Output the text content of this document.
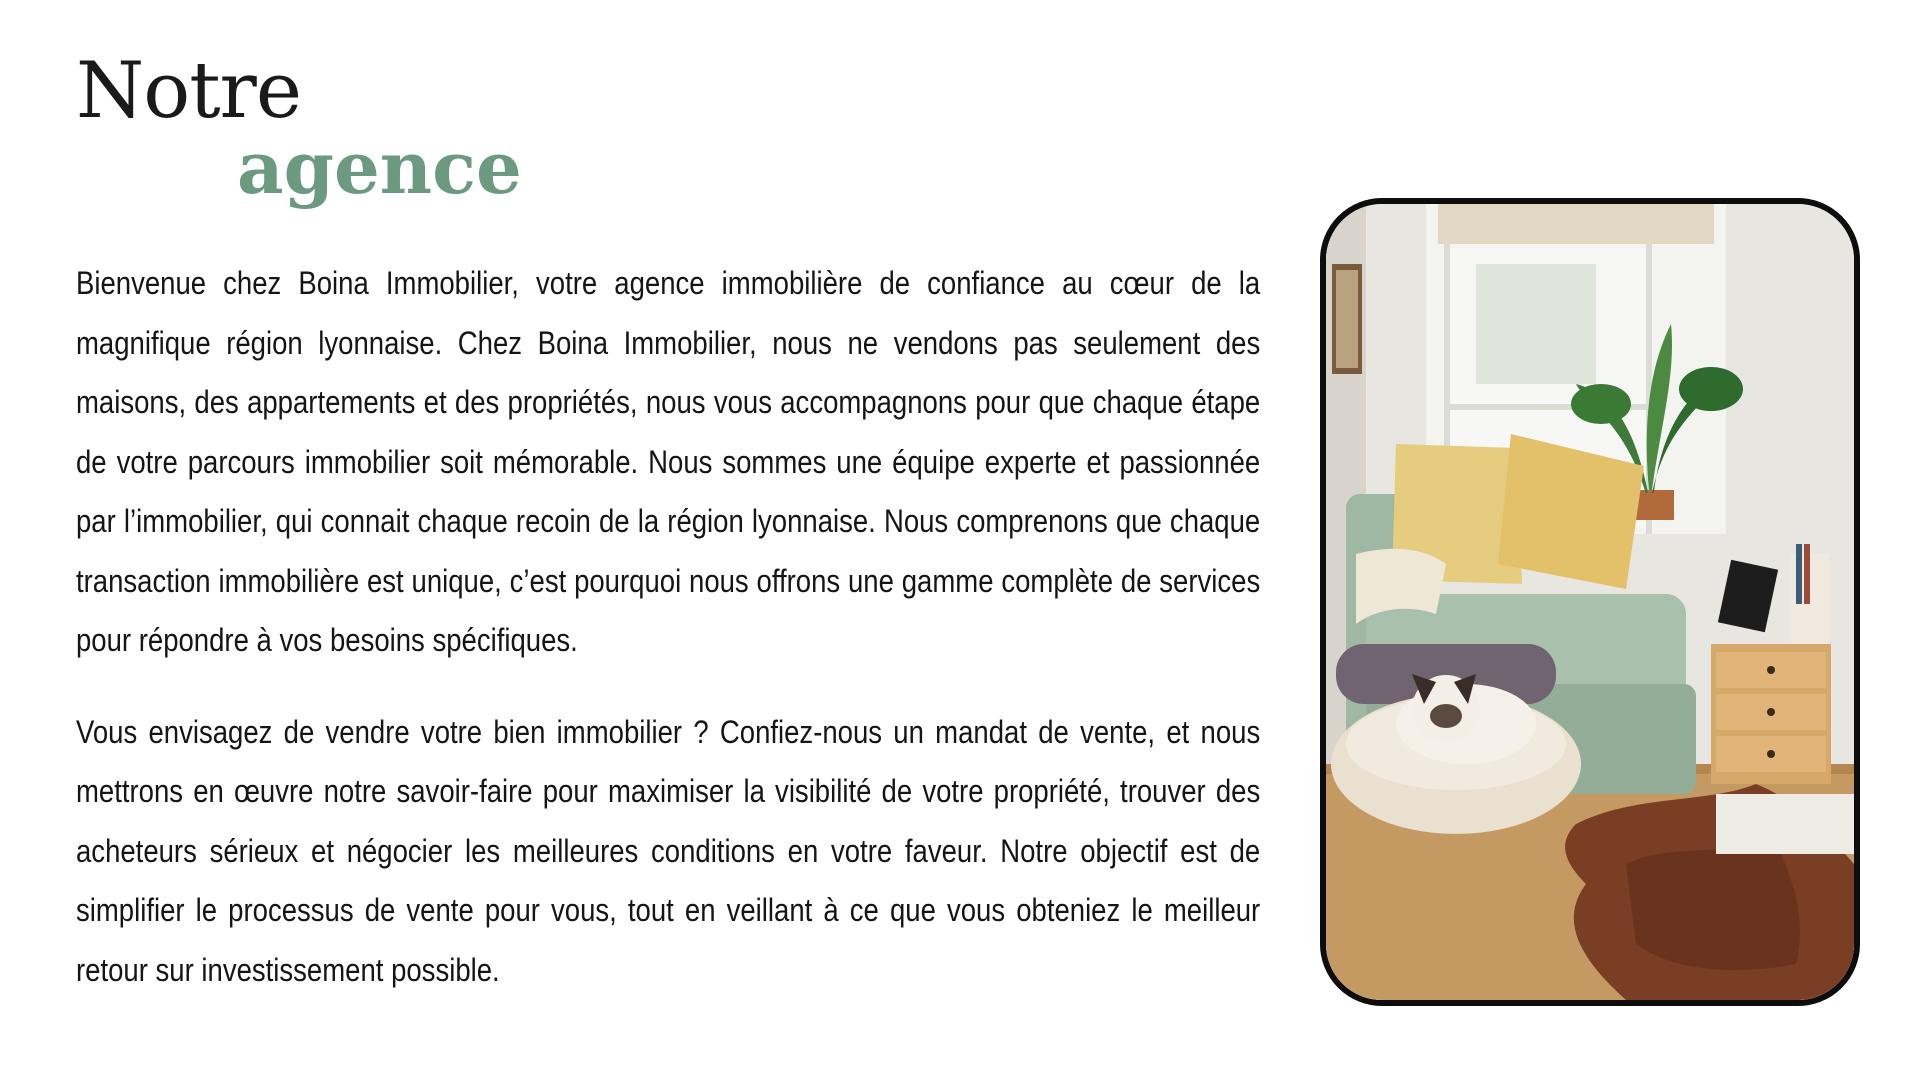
Notre
agence

Bienvenue chez Boina Immobilier, votre agence immobilière de confiance au cœur de la magnifique région lyonnaise. Chez Boina Immobilier, nous ne vendons pas seulement des maisons, des appartements et des propriétés, nous vous accompagnons pour que chaque étape de votre parcours immobilier soit mémorable. Nous sommes une équipe experte et passionnée par l’immobilier, qui connait chaque recoin de la région lyonnaise. Nous comprenons que chaque transaction immobilière est unique, c’est pourquoi nous offrons une gamme complète de services pour répondre à vos besoins spécifiques.

Vous envisagez de vendre votre bien immobilier ? Confiez-nous un mandat de vente, et nous mettrons en œuvre notre savoir-faire pour maximiser la visibilité de votre propriété, trouver des acheteurs sérieux et négocier les meilleures conditions en votre faveur. Notre objectif est de simplifier le processus de vente pour vous, tout en veillant à ce que vous obteniez le meilleur retour sur investissement possible.
